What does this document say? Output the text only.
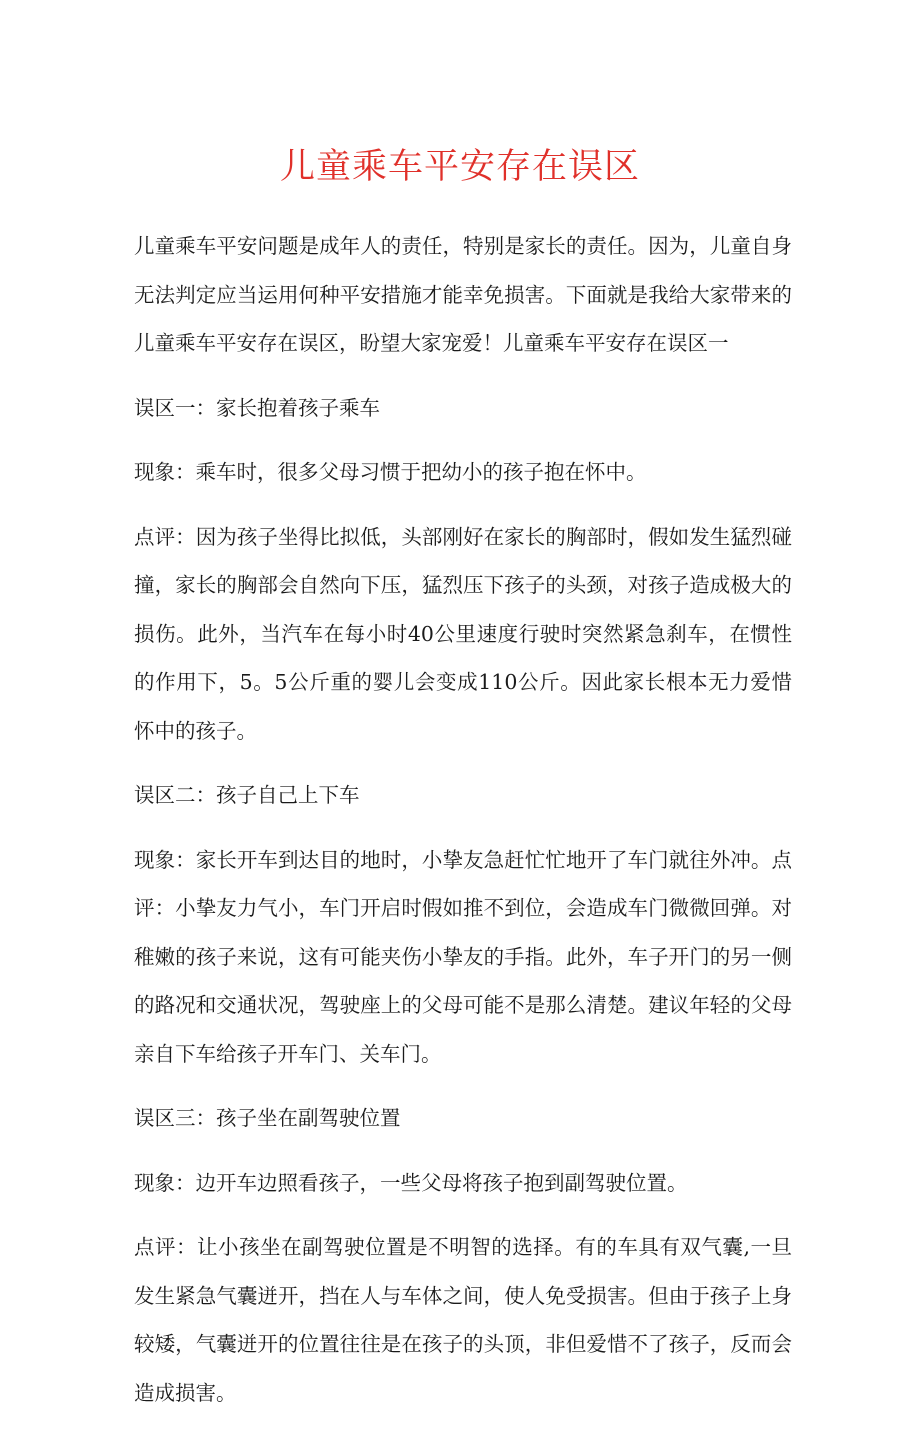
儿童乘车平安存在误区

儿童乘车平安问题是成年人的责任，特别是家长的责任。因为，儿童自身无法判定应当运用何种平安措施才能幸免损害。下面就是我给大家带来的儿童乘车平安存在误区，盼望大家宠爱！儿童乘车平安存在误区一

误区一：家长抱着孩子乘车

现象：乘车时，很多父母习惯于把幼小的孩子抱在怀中。

点评：因为孩子坐得比拟低，头部刚好在家长的胸部时，假如发生猛烈碰撞，家长的胸部会自然向下压，猛烈压下孩子的头颈，对孩子造成极大的损伤。此外，当汽车在每小时40公里速度行驶时突然紧急刹车，在惯性的作用下，5。5公斤重的婴儿会变成110公斤。因此家长根本无力爱惜怀中的孩子。

误区二：孩子自己上下车

现象：家长开车到达目的地时，小挚友急赶忙忙地开了车门就往外冲。点评：小挚友力气小，车门开启时假如推不到位，会造成车门微微回弹。对稚嫩的孩子来说，这有可能夹伤小挚友的手指。此外，车子开门的另一侧的路况和交通状况，驾驶座上的父母可能不是那么清楚。建议年轻的父母亲自下车给孩子开车门、关车门。

误区三：孩子坐在副驾驶位置

现象：边开车边照看孩子，一些父母将孩子抱到副驾驶位置。

点评：让小孩坐在副驾驶位置是不明智的选择。有的车具有双气囊,一旦发生紧急气囊迸开，挡在人与车体之间，使人免受损害。但由于孩子上身较矮，气囊迸开的位置往往是在孩子的头顶，非但爱惜不了孩子，反而会造成损害。
